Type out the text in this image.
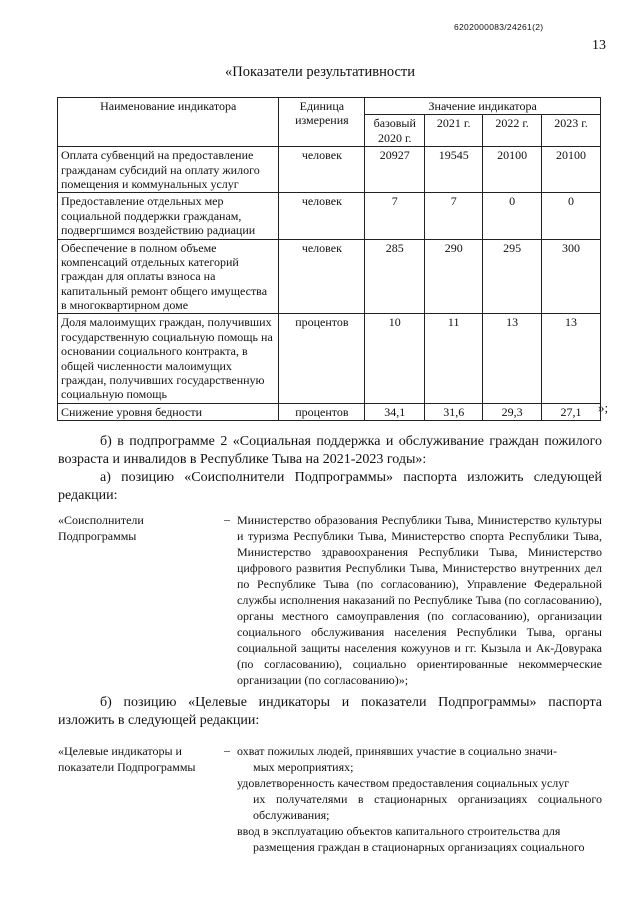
6202000083/24261(2)
13
«Показатели результативности
Наименование индикатора	Единица измерения	Значение индикатора			
		базовый 2020 г.	2021 г.	2022 г.	2023 г.
Оплата субвенций на предоставление гражданам субсидий на оплату жилого помещения и коммунальных услуг	человек	20927	19545	20100	20100
Предоставление отдельных мер социальной поддержки гражданам, подвергшимся воздействию радиации	человек	7	7	0	0
Обеспечение в полном объеме компенсаций отдельных категорий граждан для оплаты взноса на капитальный ремонт общего имущества в многоквартирном доме	человек	285	290	295	300
Доля малоимущих граждан, получивших государственную социальную помощь на основании социального контракта, в общей численности малоимущих граждан, получивших государственную социальную помощь	процентов	10	11	13	13
Снижение уровня бедности	процентов	34,1	31,6	29,3	27,1 »;
б) в подпрограмме 2 «Социальная поддержка и обслуживание граждан пожилого возраста и инвалидов в Республике Тыва на 2021-2023 годы»:
а) позицию «Соисполнители Подпрограммы» паспорта изложить следующей редакции:
«Соисполнители Подпрограммы
– Министерство образования Республики Тыва, Министерство культуры и туризма Республики Тыва, Министерство спорта Республики Тыва, Министерство здравоохранения Республики Тыва, Министерство цифрового развития Республики Тыва, Министерство внутренних дел по Республике Тыва (по согласованию), Управление Федеральной службы исполнения наказаний по Республике Тыва (по согласованию), органы местного самоуправления (по согласованию), организации социального обслуживания населения Республики Тыва, органы социальной защиты населения кожуунов и гг. Кызыла и Ак-Довурака (по согласованию), социально ориентированные некоммерческие организации (по согласованию)»;
б) позицию «Целевые индикаторы и показатели Подпрограммы» паспорта изложить в следующей редакции:
«Целевые индикаторы и показатели Подпрограммы
– охват пожилых людей, принявших участие в социально значи-
мых мероприятиях;
удовлетворенность качеством предоставления социальных услуг
их получателями в стационарных организациях социального обслуживания;
ввод в эксплуатацию объектов капитального строительства для
размещения граждан в стационарных организациях социального
